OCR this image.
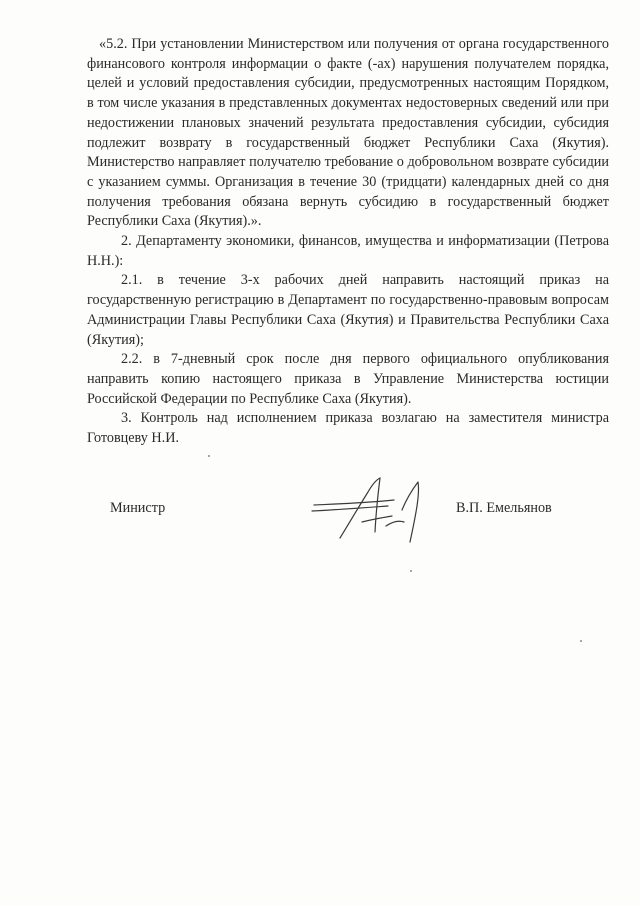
«5.2. При установлении Министерством или получения от органа государственного финансового контроля информации о факте (-ах) нарушения получателем порядка, целей и условий предоставления субсидии, предусмотренных настоящим Порядком, в том числе указания в представленных документах недостоверных сведений или при недостижении плановых значений результата предоставления субсидии, субсидия подлежит возврату в государственный бюджет Республики Саха (Якутия). Министерство направляет получателю требование о добровольном возврате субсидии с указанием суммы. Организация в течение 30 (тридцати) календарных дней со дня получения требования обязана вернуть субсидию в государственный бюджет Республики Саха (Якутия).».

2. Департаменту экономики, финансов, имущества и информатизации (Петрова Н.Н.):

2.1. в течение 3-х рабочих дней направить настоящий приказ на государственную регистрацию в Департамент по государственно-правовым вопросам Администрации Главы Республики Саха (Якутия) и Правительства Республики Саха (Якутия);

2.2. в 7-дневный срок после дня первого официального опубликования направить копию настоящего приказа в Управление Министерства юстиции Российской Федерации по Республике Саха (Якутия).

3. Контроль над исполнением приказа возлагаю на заместителя министра Готовцеву Н.И.

Министр	В.П. Емельянов
